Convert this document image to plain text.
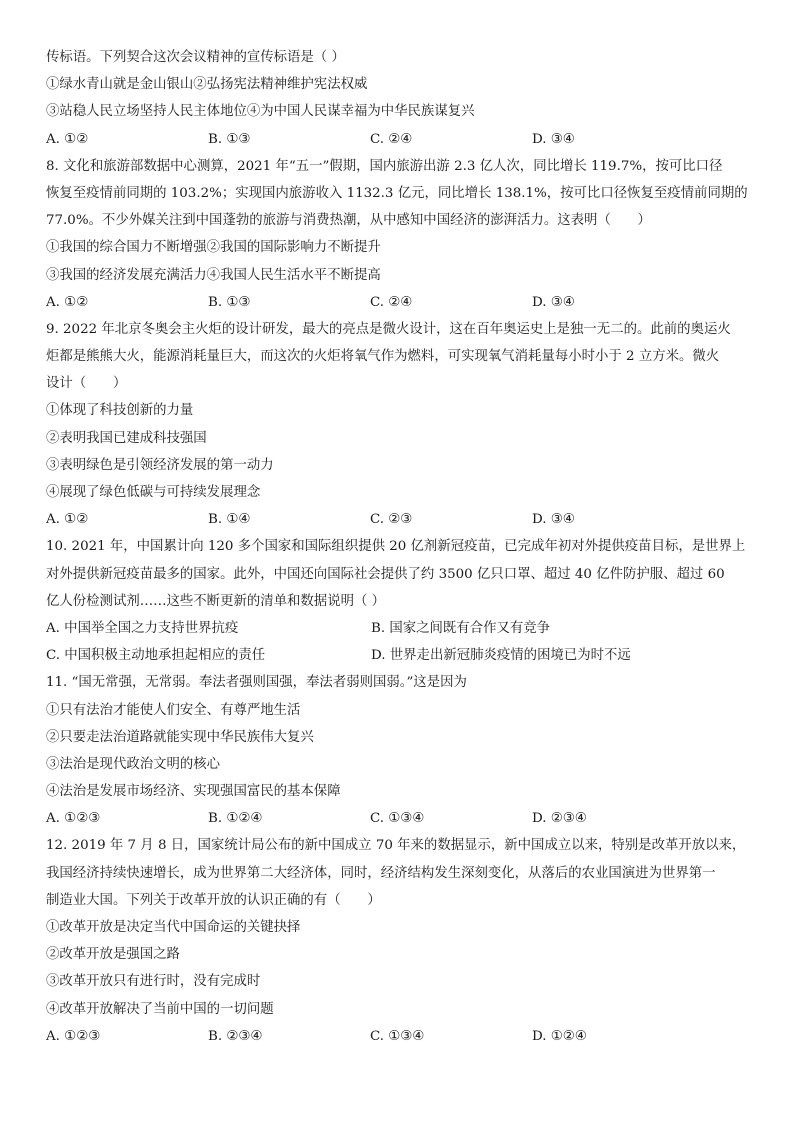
传标语。下列契合这次会议精神的宣传标语是（ ）
①绿水青山就是金山银山②弘扬宪法精神维护宪法权威
③站稳人民立场坚持人民主体地位④为中国人民谋幸福为中华民族谋复兴
A. ①②	B. ①③	C. ②④	D. ③④
8. 文化和旅游部数据中心测算，2021 年“五一”假期，国内旅游出游 2.3 亿人次，同比增长 119.7%，按可比口径
恢复至疫情前同期的 103.2%；实现国内旅游收入 1132.3 亿元，同比增长 138.1%，按可比口径恢复至疫情前同期的
77.0%。不少外媒关注到中国蓬勃的旅游与消费热潮，从中感知中国经济的澎湃活力。这表明（　　）
①我国的综合国力不断增强②我国的国际影响力不断提升
③我国的经济发展充满活力④我国人民生活水平不断提高
A. ①②	B. ①③	C. ②④	D. ③④
9. 2022 年北京冬奥会主火炬的设计研发，最大的亮点是微火设计，这在百年奥运史上是独一无二的。此前的奥运火
炬都是熊熊大火，能源消耗量巨大，而这次的火炬将氧气作为燃料，可实现氧气消耗量每小时小于 2 立方米。微火
设计（　　）
①体现了科技创新的力量
②表明我国已建成科技强国
③表明绿色是引领经济发展的第一动力
④展现了绿色低碳与可持续发展理念
A. ①②	B. ①④	C. ②③	D. ③④
10. 2021 年，中国累计向 120 多个国家和国际组织提供 20 亿剂新冠疫苗，已完成年初对外提供疫苗目标，是世界上
对外提供新冠疫苗最多的国家。此外，中国还向国际社会提供了约 3500 亿只口罩、超过 40 亿件防护服、超过 60
亿人份检测试剂……这些不断更新的清单和数据说明（ ）
A. 中国举全国之力支持世界抗疫	B. 国家之间既有合作又有竞争
C. 中国积极主动地承担起相应的责任	D. 世界走出新冠肺炎疫情的困境已为时不远
11. “国无常强，无常弱。奉法者强则国强，奉法者弱则国弱。”这是因为
①只有法治才能使人们安全、有尊严地生活
②只要走法治道路就能实现中华民族伟大复兴
③法治是现代政治文明的核心
④法治是发展市场经济、实现强国富民的基本保障
A. ①②③	B. ①②④	C. ①③④	D. ②③④
12. 2019 年 7 月 8 日，国家统计局公布的新中国成立 70 年来的数据显示，新中国成立以来，特别是改革开放以来，
我国经济持续快速增长，成为世界第二大经济体，同时，经济结构发生深刻变化，从落后的农业国演进为世界第一
制造业大国。下列关于改革开放的认识正确的有（　　）
①改革开放是决定当代中国命运的关键抉择
②改革开放是强国之路
③改革开放只有进行时，没有完成时
④改革开放解决了当前中国的一切问题
A. ①②③	B. ②③④	C. ①③④	D. ①②④
